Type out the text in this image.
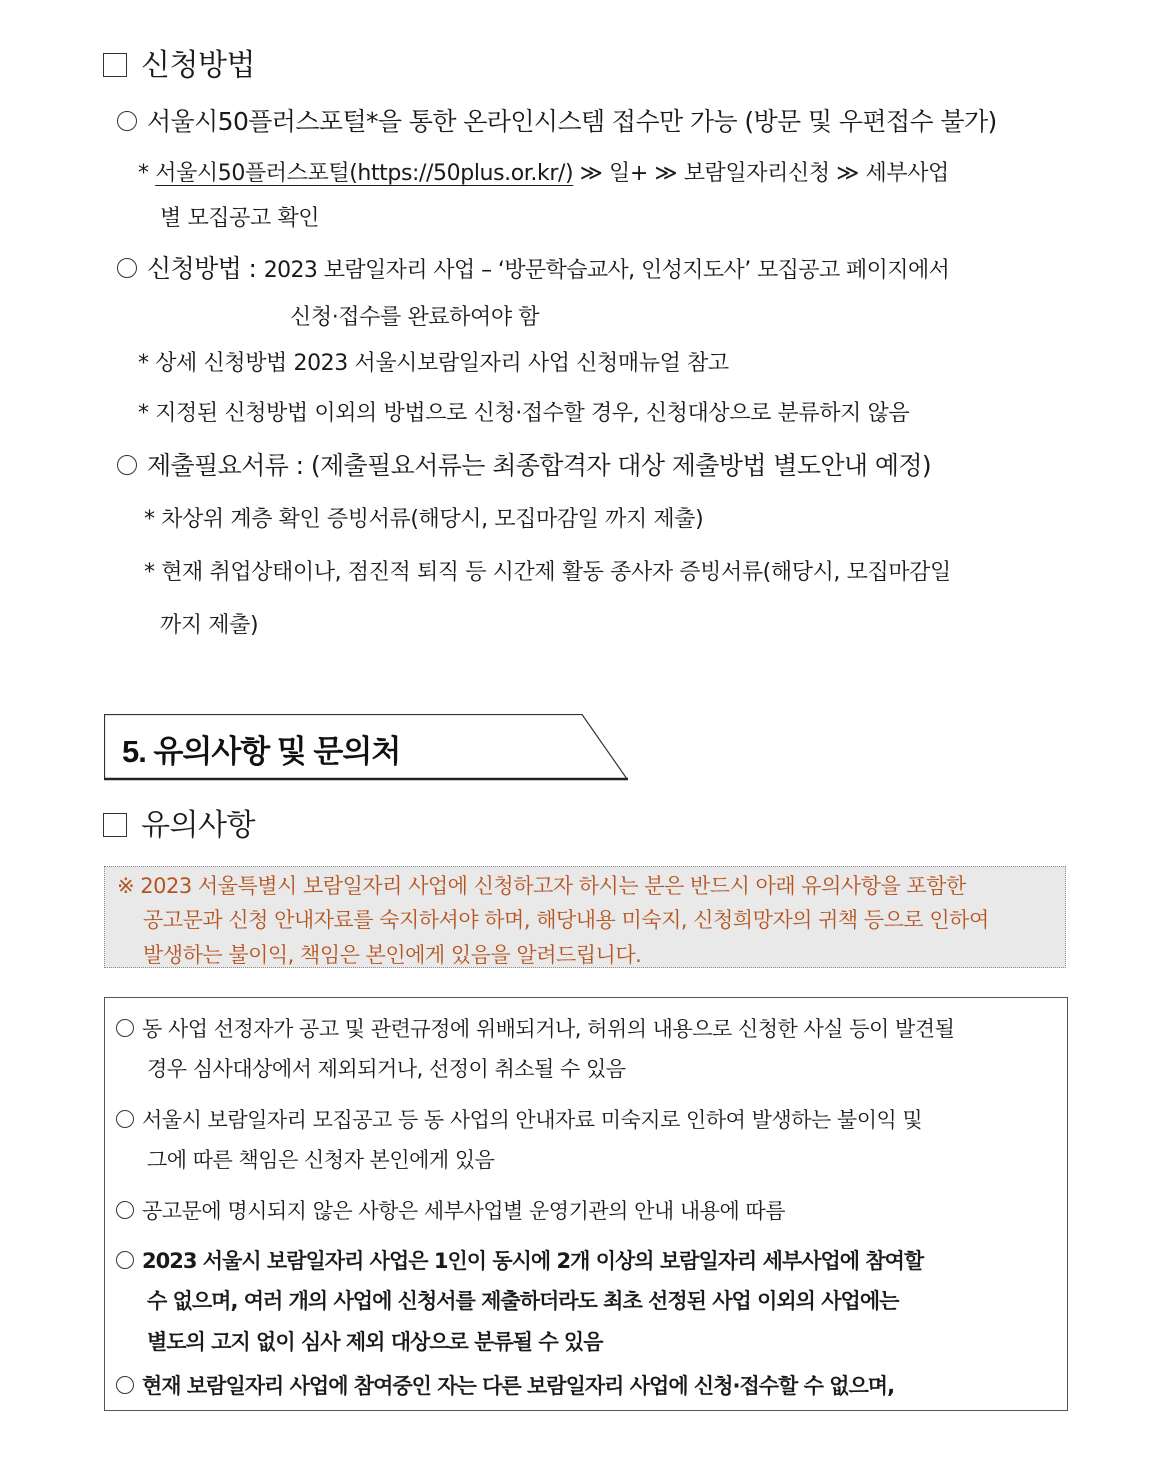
신청방법
서울시50플러스포털*을 통한 온라인시스템 접수만 가능 (방문 및 우편접수 불가)
* 서울시50플러스포털(https://50plus.or.kr/) ≫ 일+ ≫ 보람일자리신청 ≫ 세부사업
별 모집공고 확인
신청방법 : 2023 보람일자리 사업 – ‘방문학습교사, 인성지도사’ 모집공고 페이지에서
신청·접수를 완료하여야 함
* 상세 신청방법 2023 서울시보람일자리 사업 신청매뉴얼 참고
* 지정된 신청방법 이외의 방법으로 신청·접수할 경우, 신청대상으로 분류하지 않음
제출필요서류 : (제출필요서류는 최종합격자 대상 제출방법 별도안내 예정)
* 차상위 계층 확인 증빙서류(해당시, 모집마감일 까지 제출)
* 현재 취업상태이나, 점진적 퇴직 등 시간제 활동 종사자 증빙서류(해당시, 모집마감일
까지 제출)
5. 유의사항 및 문의처
유의사항
※ 2023 서울특별시 보람일자리 사업에 신청하고자 하시는 분은 반드시 아래 유의사항을 포함한
공고문과 신청 안내자료를 숙지하셔야 하며, 해당내용 미숙지, 신청희망자의 귀책 등으로 인하여
발생하는 불이익, 책임은 본인에게 있음을 알려드립니다.
동 사업 선정자가 공고 및 관련규정에 위배되거나, 허위의 내용으로 신청한 사실 등이 발견될
경우 심사대상에서 제외되거나, 선정이 취소될 수 있음
서울시 보람일자리 모집공고 등 동 사업의 안내자료 미숙지로 인하여 발생하는 불이익 및
그에 따른 책임은 신청자 본인에게 있음
공고문에 명시되지 않은 사항은 세부사업별 운영기관의 안내 내용에 따름
2023 서울시 보람일자리 사업은 1인이 동시에 2개 이상의 보람일자리 세부사업에 참여할
수 없으며, 여러 개의 사업에 신청서를 제출하더라도 최초 선정된 사업 이외의 사업에는
별도의 고지 없이 심사 제외 대상으로 분류될 수 있음
현재 보람일자리 사업에 참여중인 자는 다른 보람일자리 사업에 신청·접수할 수 없으며,
